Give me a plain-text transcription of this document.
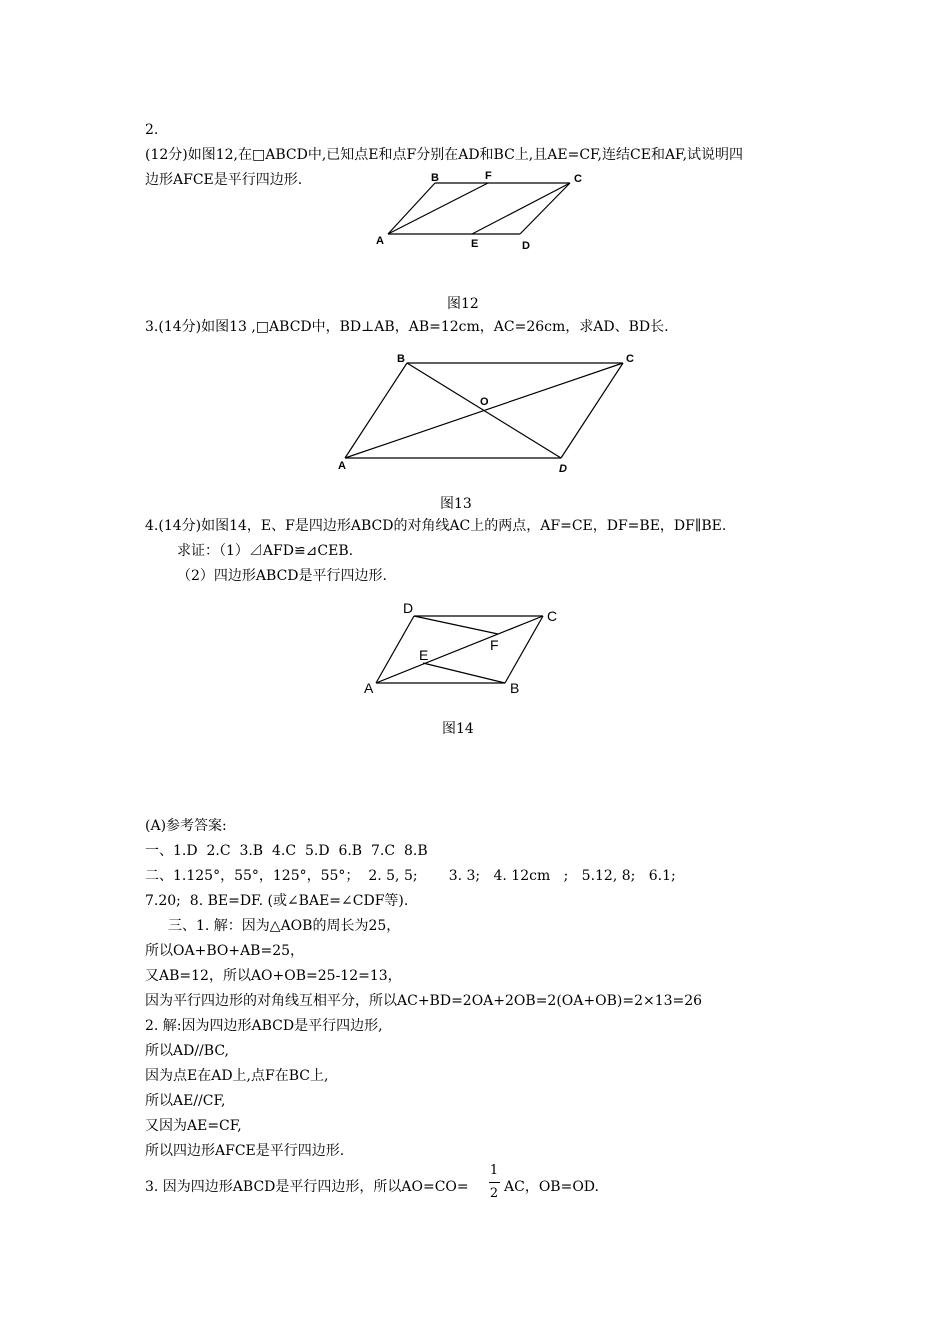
2.
(12分)如图12,在□ABCD中,已知点E和点F分别在AD和BC上,且AE=CF,连结CE和AF,试说明四
边形AFCE是平行四边形.	B	F	C
A	E	D
图12
3.(14分)如图13 ,□ABCD中，BD⊥AB，AB=12cm，AC=26cm，求AD、BD长.
B	C
O
A	D
图13
4.(14分)如图14，E、F是四边形ABCD的对角线AC上的两点，AF=CE，DF=BE，DF∥BE.
求证：（1）⊿AFD≌⊿CEB.
（2）四边形ABCD是平行四边形.
D	C
F
E
A	B
图14
(A)参考答案:
一、1.D  2.C  3.B  4.C  5.D  6.B  7.C  8.B
二、1.125°，55°，125°，55°；  2. 5, 5;       3. 3;   4. 12cm   ;   5.12, 8;   6.1;
7.20;  8. BE=DF. (或∠BAE=∠CDF等).
三、1. 解：因为△AOB的周长为25，
所以OA+BO+AB=25，
又AB=12，所以AO+OB=25-12=13，
因为平行四边形的对角线互相平分，所以AC+BD=2OA+2OB=2(OA+OB)=2×13=26
2. 解:因为四边形ABCD是平行四边形,
所以AD//BC,
因为点E在AD上,点F在BC上,
所以AE//CF,
又因为AE=CF,
所以四边形AFCE是平行四边形.
3. 因为四边形ABCD是平行四边形，所以AO=CO=
1
2 AC，OB=OD.
